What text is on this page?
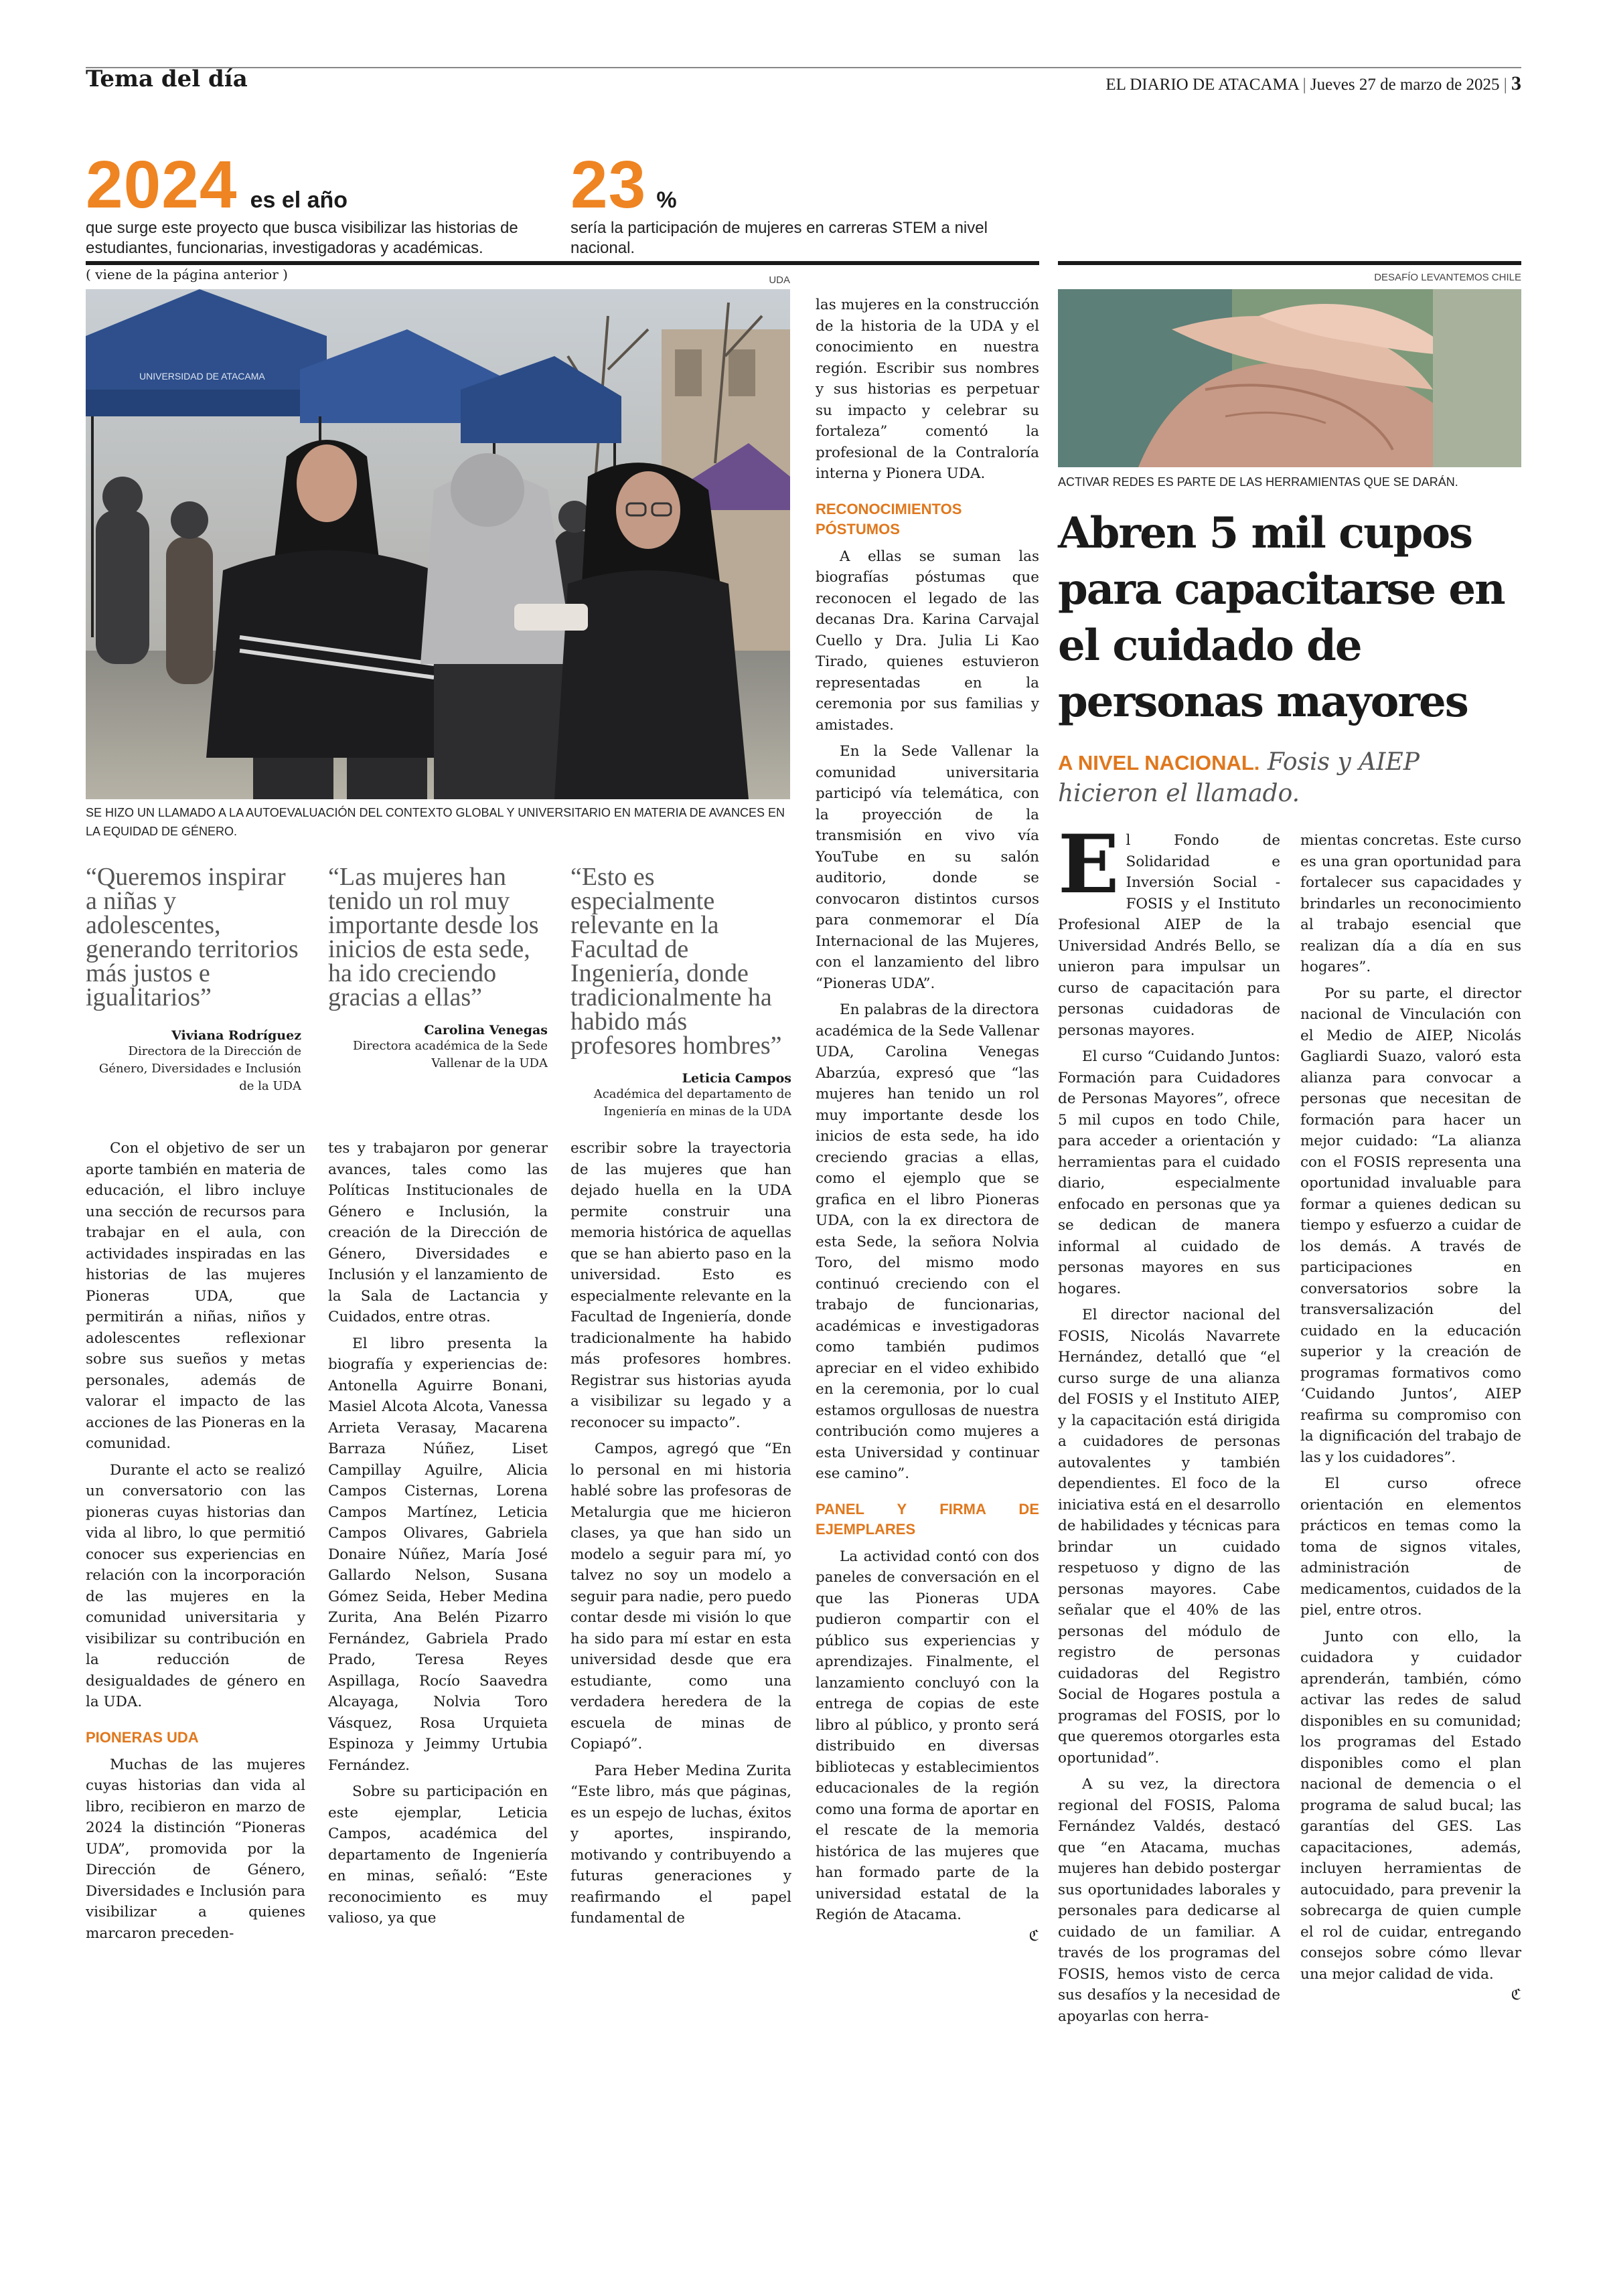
Tema del día	EL DIARIO DE ATACAMA | Jueves 27 de marzo de 2025 | 3
2024 es el año
que surge este proyecto que busca visibilizar las historias de estudiantes, funcionarias, investigadoras y académicas.
23 %
sería la participación de mujeres en carreras STEM a nivel nacional.
( viene de la página anterior )	UDA
UNIVERSIDAD DE ATACAMA
SE HIZO UN LLAMADO A LA AUTOEVALUACIÓN DEL CONTEXTO GLOBAL Y UNIVERSITARIO EN MATERIA DE AVANCES EN LA EQUIDAD DE GÉNERO.
“Queremos inspirar a niñas y adolescentes, generando territorios más justos e igualitarios”
Viviana Rodríguez
Directora de la Dirección de Género, Diversidades e Inclusión de la UDA
“Las mujeres han tenido un rol muy importante desde los inicios de esta sede, ha ido creciendo gracias a ellas”
Carolina Venegas
Directora académica de la Sede Vallenar de la UDA
“Esto es especialmente relevante en la Facultad de Ingeniería, donde tradicionalmente ha habido más profesores hombres”
Leticia Campos
Académica del departamento de Ingeniería en minas de la UDA

Con el objetivo de ser un aporte también en materia de educación, el libro incluye una sección de recursos para trabajar en el aula, con actividades inspiradas en las historias de las mujeres Pioneras UDA, que permitirán a niñas, niños y adolescentes reflexionar sobre sus sueños y metas personales, además de valorar el impacto de las acciones de las Pioneras en la comunidad.

Durante el acto se realizó un conversatorio con las pioneras cuyas historias dan vida al libro, lo que permitió conocer sus experiencias en relación con la incorporación de las mujeres en la comunidad universitaria y visibilizar su contribución en la reducción de desigualdades de género en la UDA.

PIONERAS UDA

Muchas de las mujeres cuyas historias dan vida al libro, recibieron en marzo de 2024 la distinción “Pioneras UDA”, promovida por la Dirección de Género, Diversidades e Inclusión para visibilizar a quienes marcaron preceden-

tes y trabajaron por generar avances, tales como las Políticas Institucionales de Género e Inclusión, la creación de la Dirección de Género, Diversidades e Inclusión y el lanzamiento de la Sala de Lactancia y Cuidados, entre otras.

El libro presenta la biografía y experiencias de: Antonella Aguirre Bonani, Masiel Alcota Alcota, Vanessa Arrieta Verasay, Macarena Barraza Núñez, Liset Campillay Aguilre, Alicia Campos Cisternas, Lorena Campos Martínez, Leticia Campos Olivares, Gabriela Donaire Núñez, María José Gallardo Nelson, Susana Gómez Seida, Heber Medina Zurita, Ana Belén Pizarro Fernández, Gabriela Prado Prado, Teresa Reyes Aspillaga, Rocío Saavedra Alcayaga, Nolvia Toro Vásquez, Rosa Urquieta Espinoza y Jeimmy Urtubia Fernández.

Sobre su participación en este ejemplar, Leticia Campos, académica del departamento de Ingeniería en minas, señaló: “Este reconocimiento es muy valioso, ya que

escribir sobre la trayectoria de las mujeres que han dejado huella en la UDA permite construir una memoria histórica de aquellas que se han abierto paso en la universidad. Esto es especialmente relevante en la Facultad de Ingeniería, donde tradicionalmente ha habido más profesores hombres. Registrar sus historias ayuda a visibilizar su legado y a reconocer su impacto”.

Campos, agregó que “En lo personal en mi historia hablé sobre las profesoras de Metalurgia que me hicieron clases, ya que han sido un modelo a seguir para mí, yo talvez no soy un modelo a seguir para nadie, pero puedo contar desde mi visión lo que ha sido para mí estar en esta universidad desde que era estudiante, como una verdadera heredera de la escuela de minas de Copiapó”.

Para Heber Medina Zurita “Este libro, más que páginas, es un espejo de luchas, éxitos y aportes, inspirando, motivando y contribuyendo a futuras generaciones y reafirmando el papel fundamental de

las mujeres en la construcción de la historia de la UDA y el conocimiento en nuestra región. Escribir sus nombres y sus historias es perpetuar su impacto y celebrar su fortaleza” comentó la profesional de la Contraloría interna y Pionera UDA.

RECONOCIMIENTOS PÓSTUMOS

A ellas se suman las biografías póstumas que reconocen el legado de las decanas Dra. Karina Carvajal Cuello y Dra. Julia Li Kao Tirado, quienes estuvieron representadas en la ceremonia por sus familias y amistades.

En la Sede Vallenar la comunidad universitaria participó vía telemática, con la proyección de la transmisión en vivo vía YouTube en su salón auditorio, donde se convocaron distintos cursos para conmemorar el Día Internacional de las Mujeres, con el lanzamiento del libro “Pioneras UDA”.

En palabras de la directora académica de la Sede Vallenar UDA, Carolina Venegas Abarzúa, expresó que “las mujeres han tenido un rol muy importante desde los inicios de esta sede, ha ido creciendo gracias a ellas, como el ejemplo que se grafica en el libro Pioneras UDA, con la ex directora de esta Sede, la señora Nolvia Toro, del mismo modo continuó creciendo con el trabajo de funcionarias, académicas e investigadoras como también pudimos apreciar en el video exhibido en la ceremonia, por lo cual estamos orgullosas de nuestra contribución como mujeres a esta Universidad y continuar ese camino”.

PANEL Y FIRMA DE EJEMPLARES

La actividad contó con dos paneles de conversación en el que las Pioneras UDA pudieron compartir con el público sus experiencias y aprendizajes. Finalmente, el lanzamiento concluyó con la entrega de copias de este libro al público, y pronto será distribuido en diversas bibliotecas y establecimientos educacionales de la región como una forma de aportar en el rescate de la memoria histórica de las mujeres que han formado parte de la universidad estatal de la Región de Atacama.

ℭ
DESAFÍO LEVANTEMOS CHILE
ACTIVAR REDES ES PARTE DE LAS HERRAMIENTAS QUE SE DARÁN.
Abren 5 mil cupos para capacitarse en el cuidado de personas mayores
A NIVEL NACIONAL. Fosis y AIEP hicieron el llamado.
E l Fondo de Solidaridad e Inversión Social - FOSIS y el Instituto Profesional AIEP de la Universidad Andrés Bello, se unieron para impulsar un curso de capacitación para personas cuidadoras de personas mayores.

El curso “Cuidando Juntos: Formación para Cuidadores de Personas Mayores”, ofrece 5 mil cupos en todo Chile, para acceder a orientación y herramientas para el cuidado diario, especialmente enfocado en personas que ya se dedican de manera informal al cuidado de personas mayores en sus hogares.

El director nacional del FOSIS, Nicolás Navarrete Hernández, detalló que “el curso surge de una alianza del FOSIS y el Instituto AIEP, y la capacitación está dirigida a cuidadores de personas autovalentes y también dependientes. El foco de la iniciativa está en el desarrollo de habilidades y técnicas para brindar un cuidado respetuoso y digno de las personas mayores. Cabe señalar que el 40% de las personas del módulo de registro de personas cuidadoras del Registro Social de Hogares postula a programas del FOSIS, por lo que queremos otorgarles esta oportunidad”.

A su vez, la directora regional del FOSIS, Paloma Fernández Valdés, destacó que “en Atacama, muchas mujeres han debido postergar sus oportunidades laborales y personales para dedicarse al cuidado de un familiar. A través de los programas del FOSIS, hemos visto de cerca sus desafíos y la necesidad de apoyarlas con herra-

mientas concretas. Este curso es una gran oportunidad para fortalecer sus capacidades y brindarles un reconocimiento al trabajo esencial que realizan día a día en sus hogares”.

Por su parte, el director nacional de Vinculación con el Medio de AIEP, Nicolás Gagliardi Suazo, valoró esta alianza para convocar a personas que necesitan de formación para hacer un mejor cuidado: “La alianza con el FOSIS representa una oportunidad invaluable para formar a quienes dedican su tiempo y esfuerzo a cuidar de los demás. A través de participaciones en conversatorios sobre la transversalización del cuidado en la educación superior y la creación de programas formativos como ‘Cuidando Juntos’, AIEP reafirma su compromiso con la dignificación del trabajo de las y los cuidadores”.

El curso ofrece orientación en elementos prácticos en temas como la toma de signos vitales, administración de medicamentos, cuidados de la piel, entre otros.

Junto con ello, la cuidadora y cuidador aprenderán, también, cómo activar las redes de salud disponibles en su comunidad; los programas del Estado disponibles como el plan nacional de demencia o el programa de salud bucal; las garantías del GES. Las capacitaciones, además, incluyen herramientas de autocuidado, para prevenir la sobrecarga de quien cumple el rol de cuidar, entregando consejos sobre cómo llevar una mejor calidad de vida.

ℭ
